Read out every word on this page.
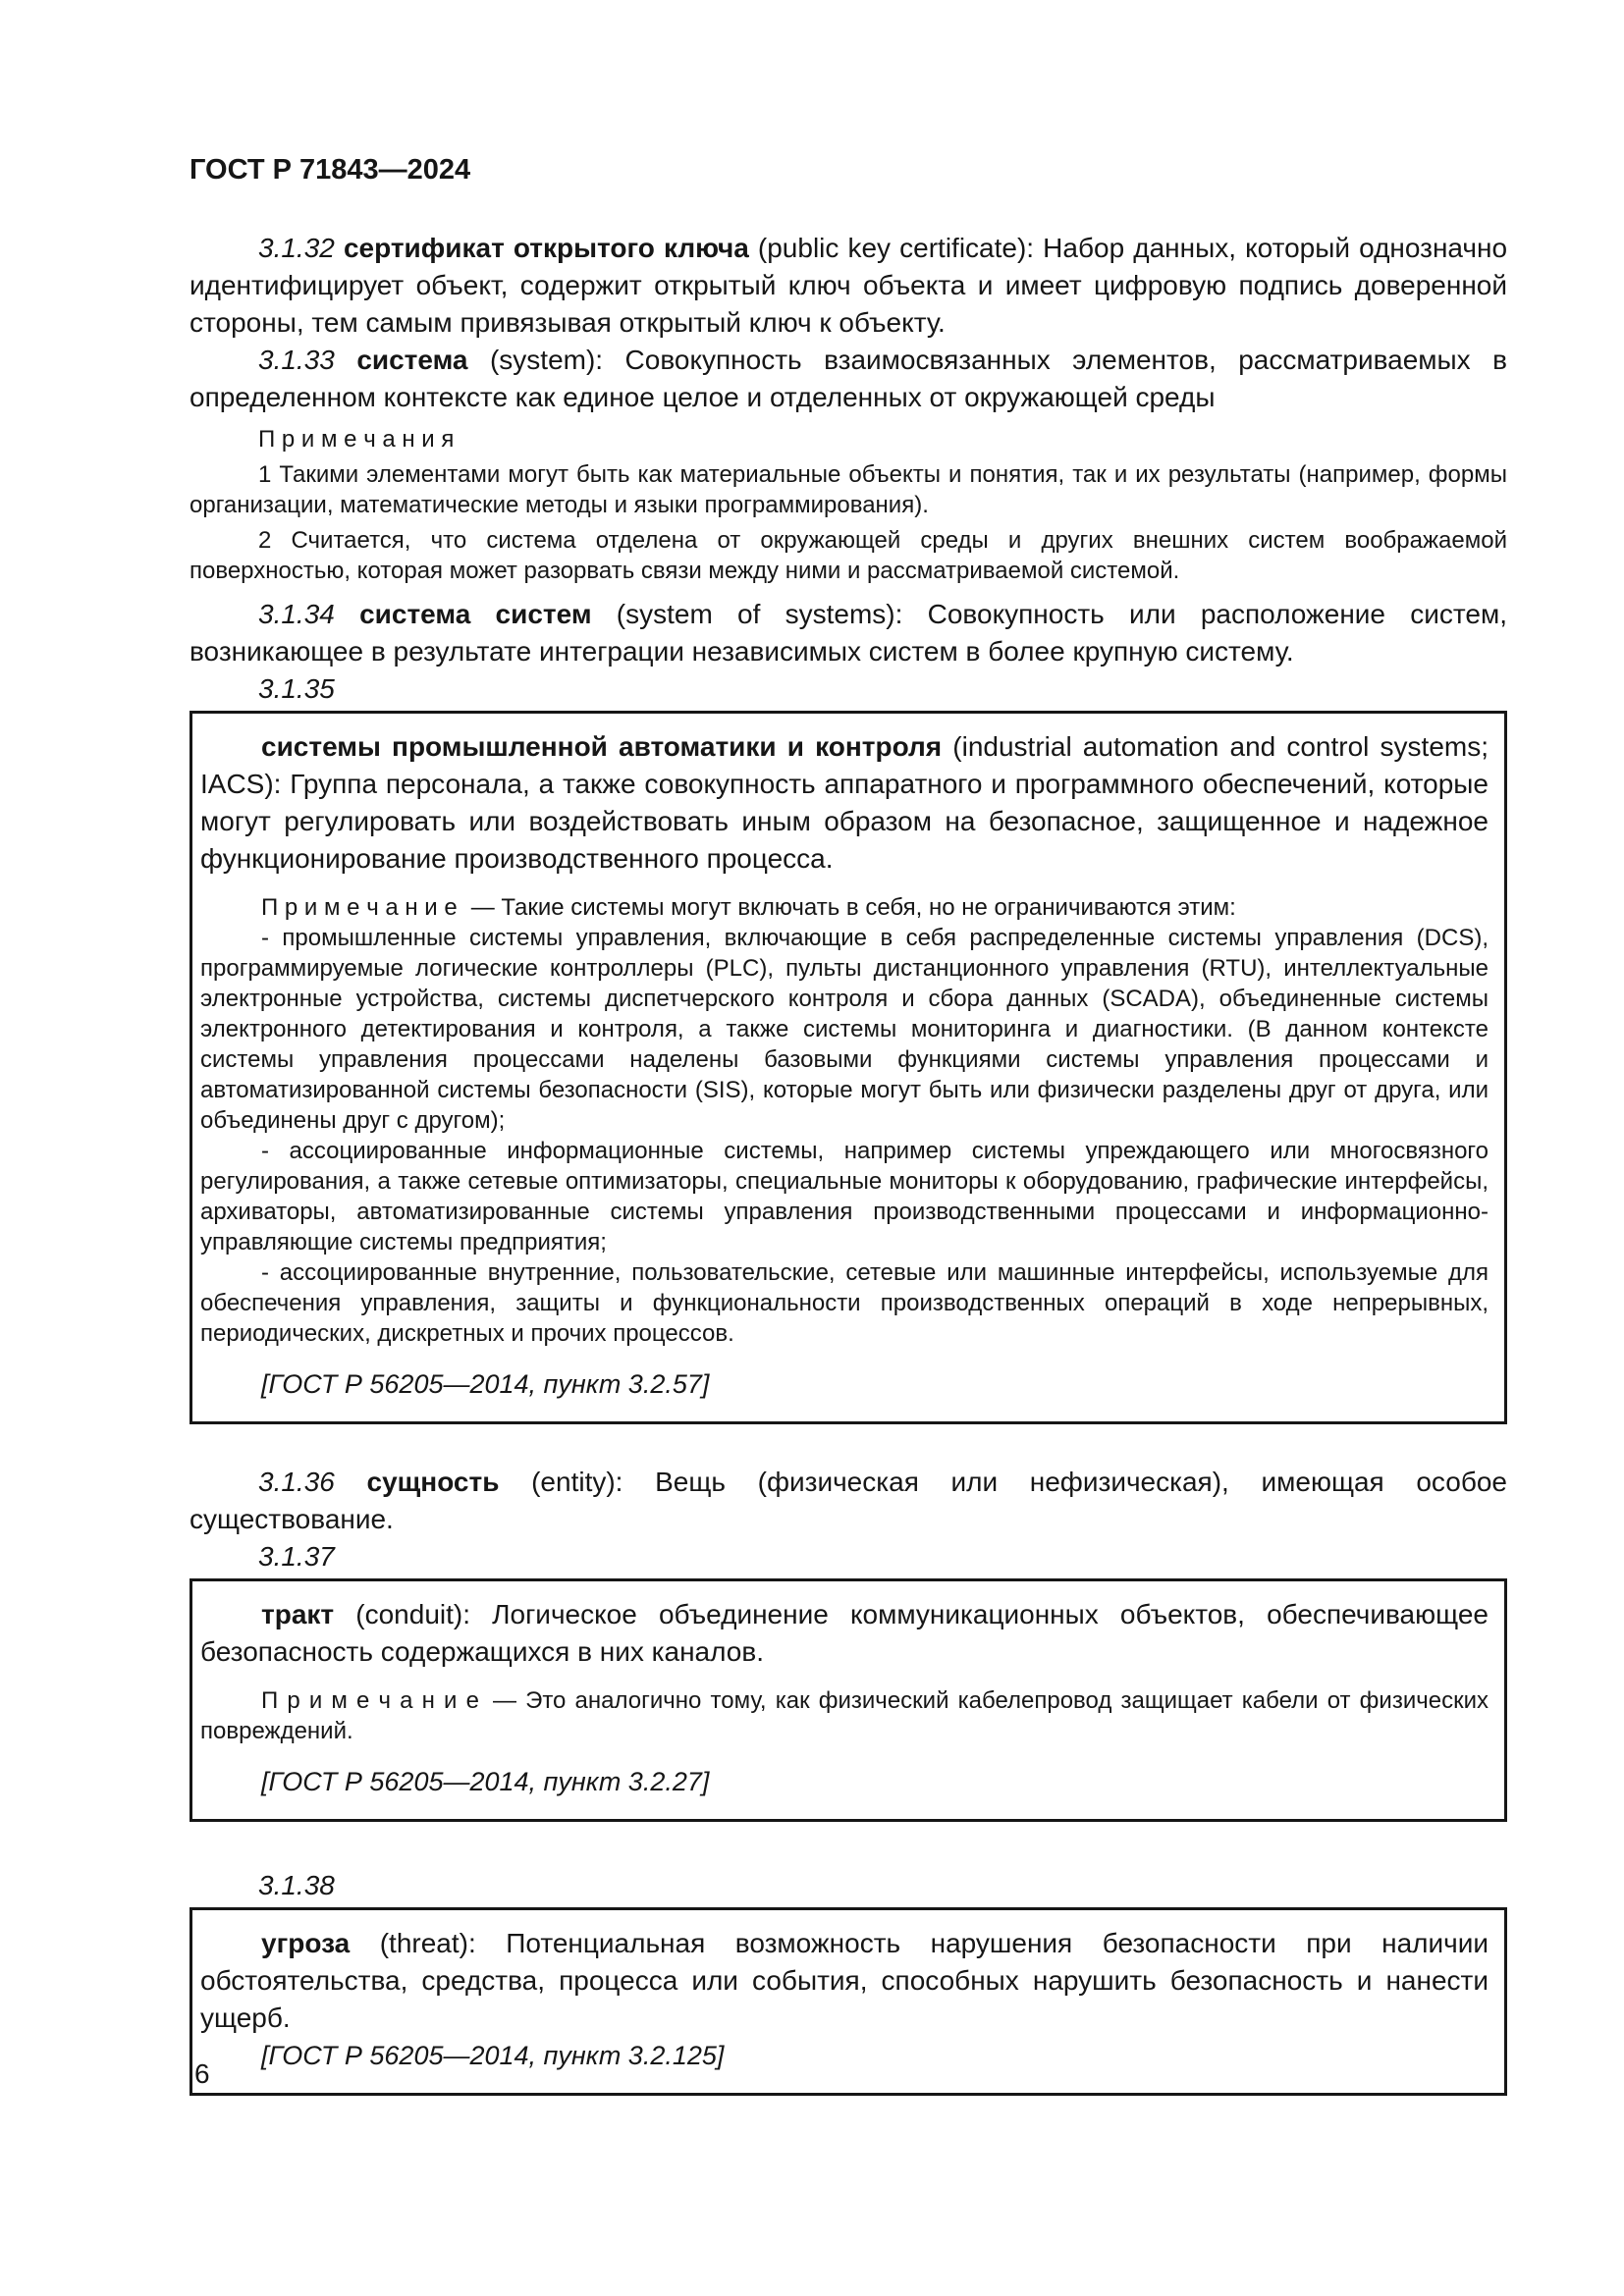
ГОСТ Р 71843—2024

3.1.32 сертификат открытого ключа (public key certificate): Набор данных, который однозначно идентифицирует объект, содержит открытый ключ объекта и имеет цифровую подпись доверенной стороны, тем самым привязывая открытый ключ к объекту.

3.1.33 система (system): Совокупность взаимосвязанных элементов, рассматриваемых в определенном контексте как единое целое и отделенных от окружающей среды

П р и м е ч а н и я

1 Такими элементами могут быть как материальные объекты и понятия, так и их результаты (например, формы организации, математические методы и языки программирования).

2 Считается, что система отделена от окружающей среды и других внешних систем воображаемой поверхностью, которая может разорвать связи между ними и рассматриваемой системой.

3.1.34 система систем (system of systems): Совокупность или расположение систем, возникающее в результате интеграции независимых систем в более крупную систему.

3.1.35

системы промышленной автоматики и контроля (industrial automation and control systems; IACS): Группа персонала, а также совокупность аппаратного и программного обеспечений, которые могут регулировать или воздействовать иным образом на безопасное, защищенное и надежное функционирование производственного процесса.

П р и м е ч а н и е — Такие системы могут включать в себя, но не ограничиваются этим:

- промышленные системы управления, включающие в себя распределенные системы управления (DCS), программируемые логические контроллеры (PLC), пульты дистанционного управления (RTU), интеллектуальные электронные устройства, системы диспетчерского контроля и сбора данных (SCADA), объединенные системы электронного детектирования и контроля, а также системы мониторинга и диагностики. (В данном контексте системы управления процессами наделены базовыми функциями системы управления процессами и автоматизированной системы безопасности (SIS), которые могут быть или физически разделены друг от друга, или объединены друг с другом);

- ассоциированные информационные системы, например системы упреждающего или многосвязного регулирования, а также сетевые оптимизаторы, специальные мониторы к оборудованию, графические интерфейсы, архиваторы, автоматизированные системы управления производственными процессами и информационно-управляющие системы предприятия;

- ассоциированные внутренние, пользовательские, сетевые или машинные интерфейсы, используемые для обеспечения управления, защиты и функциональности производственных операций в ходе непрерывных, периодических, дискретных и прочих процессов.

[ГОСТ Р 56205—2014, пункт 3.2.57]

3.1.36 сущность (entity): Вещь (физическая или нефизическая), имеющая особое существование.

3.1.37

тракт (conduit): Логическое объединение коммуникационных объектов, обеспечивающее безопасность содержащихся в них каналов.

П р и м е ч а н и е — Это аналогично тому, как физический кабелепровод защищает кабели от физических повреждений.

[ГОСТ Р 56205—2014, пункт 3.2.27]

3.1.38

угроза (threat): Потенциальная возможность нарушения безопасности при наличии обстоятельства, средства, процесса или события, способных нарушить безопасность и нанести ущерб.

[ГОСТ Р 56205—2014, пункт 3.2.125]

6
